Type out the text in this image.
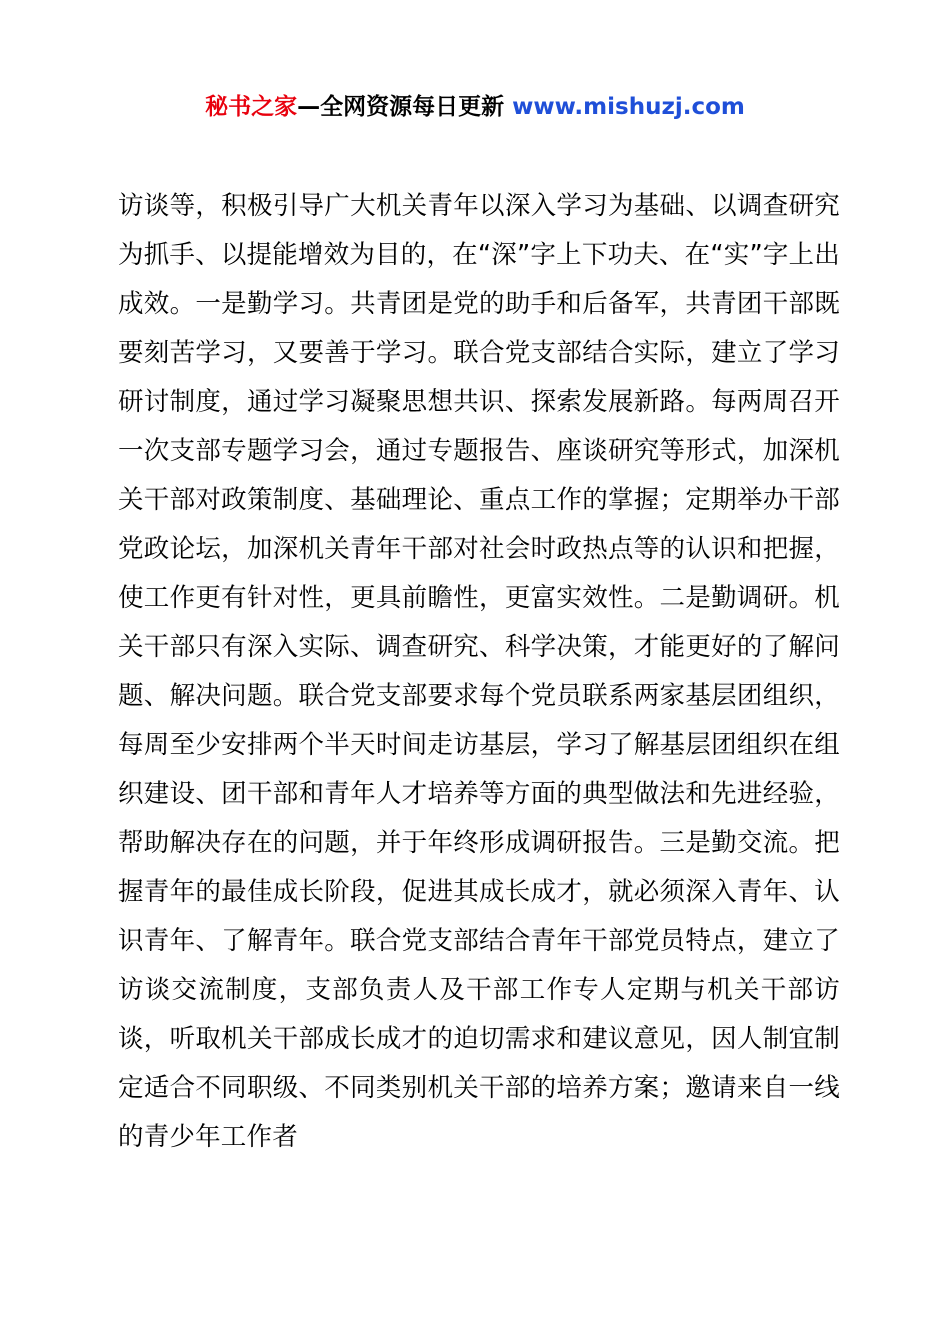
秘书之家—全网资源每日更新 www.mishuzj.com
访谈等，积极引导广大机关青年以深入学习为基础、以调查研究为抓手、以提能增效为目的，在“深”字上下功夫、在“实”字上出成效。一是勤学习。共青团是党的助手和后备军，共青团干部既要刻苦学习，又要善于学习。联合党支部结合实际，建立了学习研讨制度，通过学习凝聚思想共识、探索发展新路。每两周召开一次支部专题学习会，通过专题报告、座谈研究等形式，加深机关干部对政策制度、基础理论、重点工作的掌握；定期举办干部党政论坛，加深机关青年干部对社会时政热点等的认识和把握，使工作更有针对性，更具前瞻性，更富实效性。二是勤调研。机关干部只有深入实际、调查研究、科学决策，才能更好的了解问题、解决问题。联合党支部要求每个党员联系两家基层团组织，每周至少安排两个半天时间走访基层，学习了解基层团组织在组织建设、团干部和青年人才培养等方面的典型做法和先进经验，帮助解决存在的问题，并于年终形成调研报告。三是勤交流。把握青年的最佳成长阶段，促进其成长成才，就必须深入青年、认识青年、了解青年。联合党支部结合青年干部党员特点，建立了访谈交流制度，支部负责人及干部工作专人定期与机关干部访谈，听取机关干部成长成才的迫切需求和建议意见，因人制宜制定适合不同职级、不同类别机关干部的培养方案；邀请来自一线的青少年工作者
